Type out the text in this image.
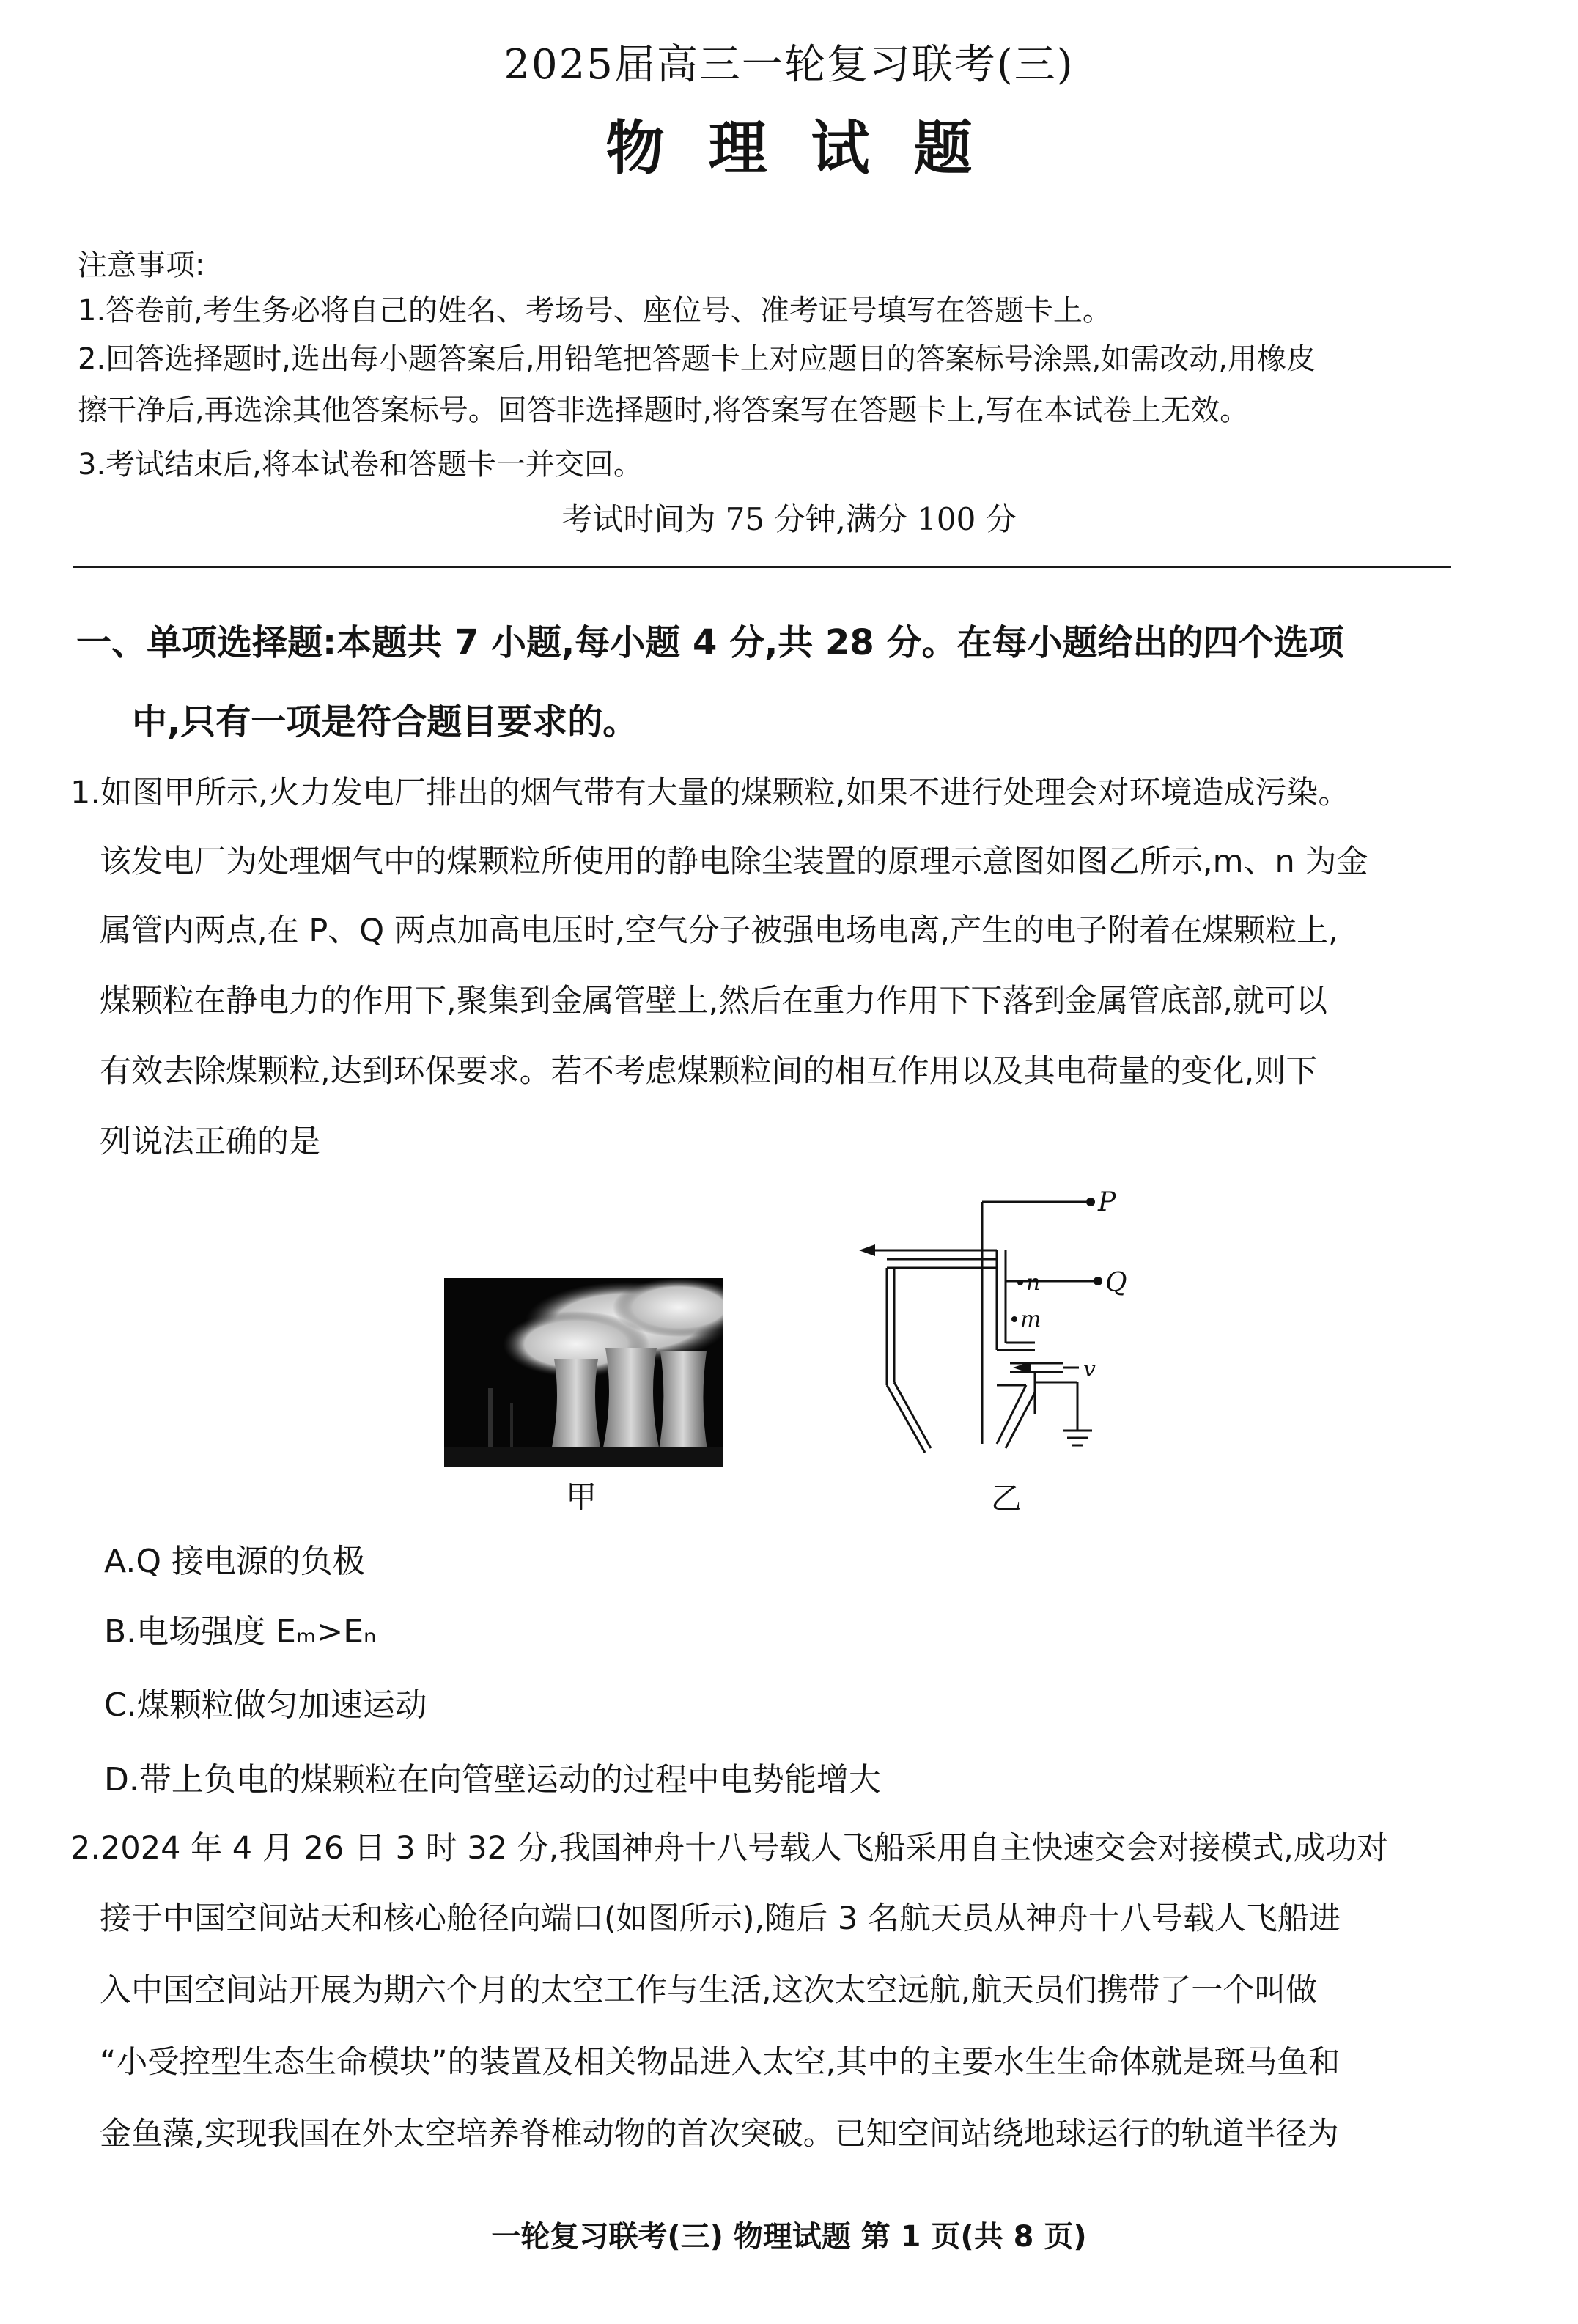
2025届高三一轮复习联考(三)
物理试题
注意事项:
1.答卷前,考生务必将自己的姓名、考场号、座位号、准考证号填写在答题卡上。
2.回答选择题时,选出每小题答案后,用铅笔把答题卡上对应题目的答案标号涂黑,如需改动,用橡皮
擦干净后,再选涂其他答案标号。回答非选择题时,将答案写在答题卡上,写在本试卷上无效。
3.考试结束后,将本试卷和答题卡一并交回。
考试时间为 75 分钟,满分 100 分
一、单项选择题:本题共 7 小题,每小题 4 分,共 28 分。在每小题给出的四个选项
中,只有一项是符合题目要求的。
1.如图甲所示,火力发电厂排出的烟气带有大量的煤颗粒,如果不进行处理会对环境造成污染。
该发电厂为处理烟气中的煤颗粒所使用的静电除尘装置的原理示意图如图乙所示,m、n 为金
属管内两点,在 P、Q 两点加高电压时,空气分子被强电场电离,产生的电子附着在煤颗粒上,
煤颗粒在静电力的作用下,聚集到金属管壁上,然后在重力作用下下落到金属管底部,就可以
有效去除煤颗粒,达到环保要求。若不考虑煤颗粒间的相互作用以及其电荷量的变化,则下
列说法正确的是
甲
P
Q
n
m
v
乙
A.Q 接电源的负极
B.电场强度 Eₘ>Eₙ
C.煤颗粒做匀加速运动
D.带上负电的煤颗粒在向管壁运动的过程中电势能增大
2.2024 年 4 月 26 日 3 时 32 分,我国神舟十八号载人飞船采用自主快速交会对接模式,成功对
接于中国空间站天和核心舱径向端口(如图所示),随后 3 名航天员从神舟十八号载人飞船进
入中国空间站开展为期六个月的太空工作与生活,这次太空远航,航天员们携带了一个叫做
“小受控型生态生命模块”的装置及相关物品进入太空,其中的主要水生生命体就是斑马鱼和
金鱼藻,实现我国在外太空培养脊椎动物的首次突破。已知空间站绕地球运行的轨道半径为
一轮复习联考(三) 物理试题 第 1 页(共 8 页)
